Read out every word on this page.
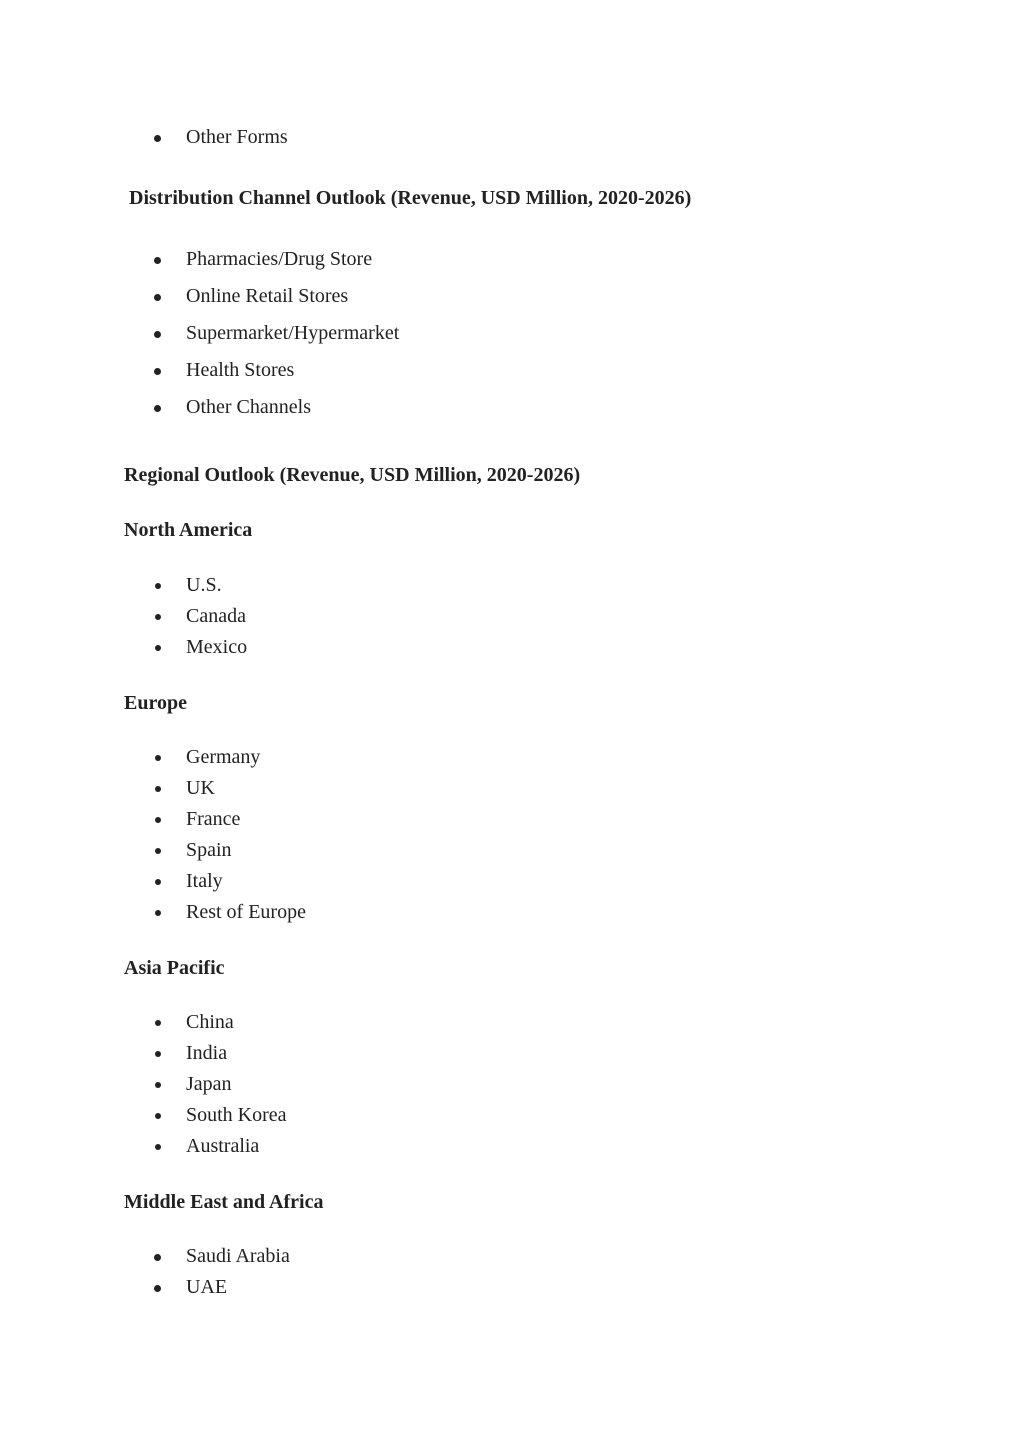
Other Forms
Distribution Channel Outlook (Revenue, USD Million, 2020-2026)
Pharmacies/Drug Store
Online Retail Stores
Supermarket/Hypermarket
Health Stores
Other Channels
Regional Outlook (Revenue, USD Million, 2020-2026)
North America
U.S.
Canada
Mexico
Europe
Germany
UK
France
Spain
Italy
Rest of Europe
Asia Pacific
China
India
Japan
South Korea
Australia
Middle East and Africa
Saudi Arabia
UAE
